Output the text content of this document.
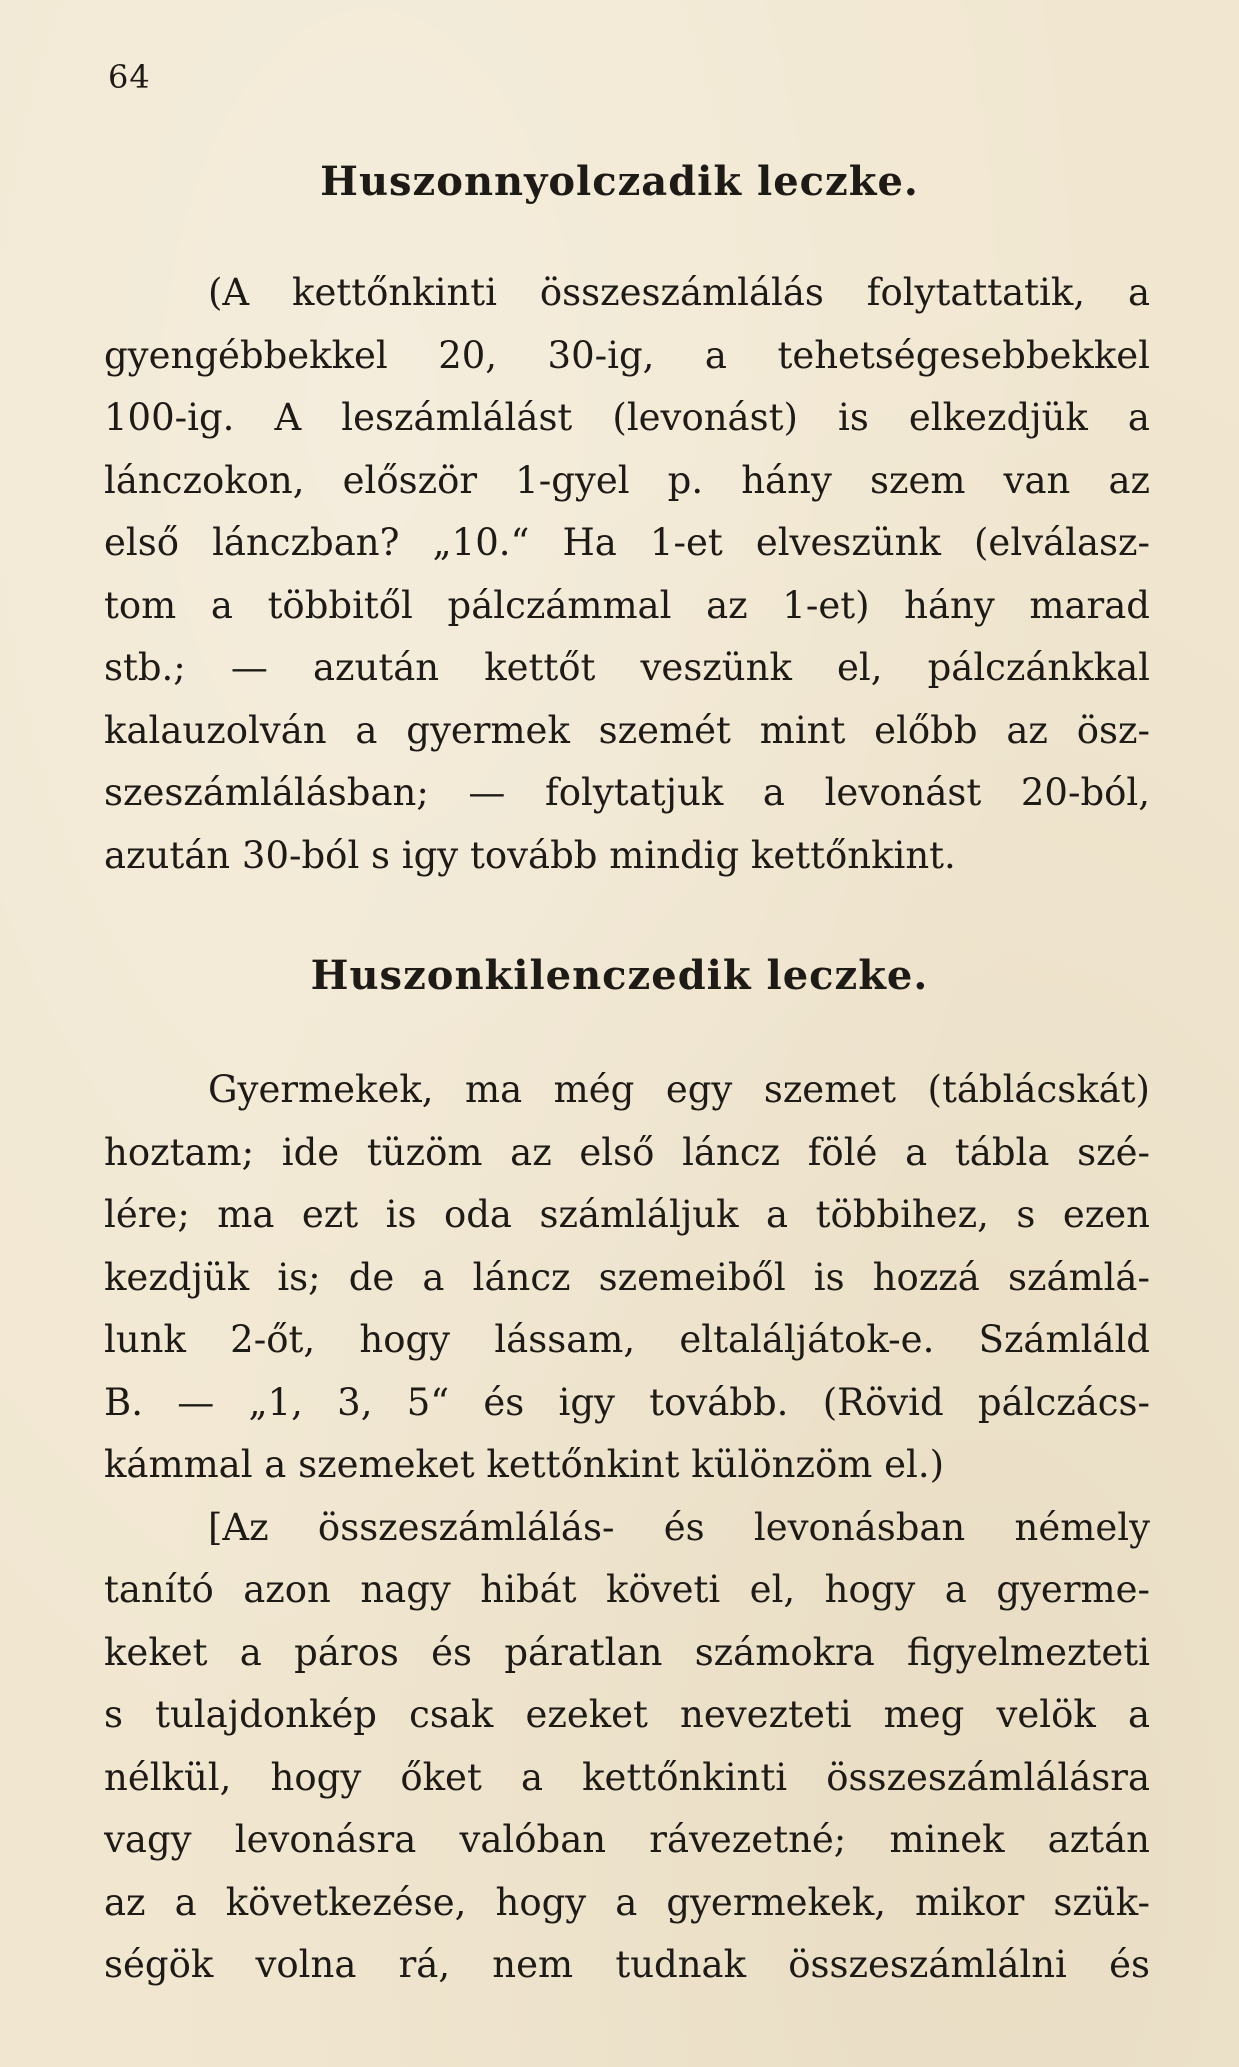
64
Huszonnyolczadik leczke.
(A kettőnkinti összeszámlálás folytattatik, a
gyengébbekkel 20, 30-ig, a tehetségesebbekkel
100-ig. A leszámlálást (levonást) is elkezdjük a
lánczokon, először 1-gyel p. hány szem van az
első lánczban? „10.“ Ha 1-et elveszünk (elválasz-
tom a többitől pálczámmal az 1-et) hány marad
stb.; — azután kettőt veszünk el, pálczánkkal
kalauzolván a gyermek szemét mint előbb az ösz-
szeszámlálásban; — folytatjuk a levonást 20-ból,
azután 30-ból s igy tovább mindig kettőnkint.
Huszonkilenczedik leczke.
Gyermekek, ma még egy szemet (táblácskát)
hoztam; ide tüzöm az első láncz fölé a tábla szé-
lére; ma ezt is oda számláljuk a többihez, s ezen
kezdjük is; de a láncz szemeiből is hozzá számlá-
lunk 2-őt, hogy lássam, eltaláljátok-e. Számláld
B. — „1, 3, 5“ és igy tovább. (Rövid pálczács-
kámmal a szemeket kettőnkint különzöm el.)
[Az összeszámlálás- és levonásban némely
tanító azon nagy hibát követi el, hogy a gyerme-
keket a páros és páratlan számokra figyelmezteti
s tulajdonkép csak ezeket nevezteti meg velök a
nélkül, hogy őket a kettőnkinti összeszámlálásra
vagy levonásra valóban rávezetné; minek aztán
az a következése, hogy a gyermekek, mikor szük-
ségök volna rá, nem tudnak összeszámlálni és
